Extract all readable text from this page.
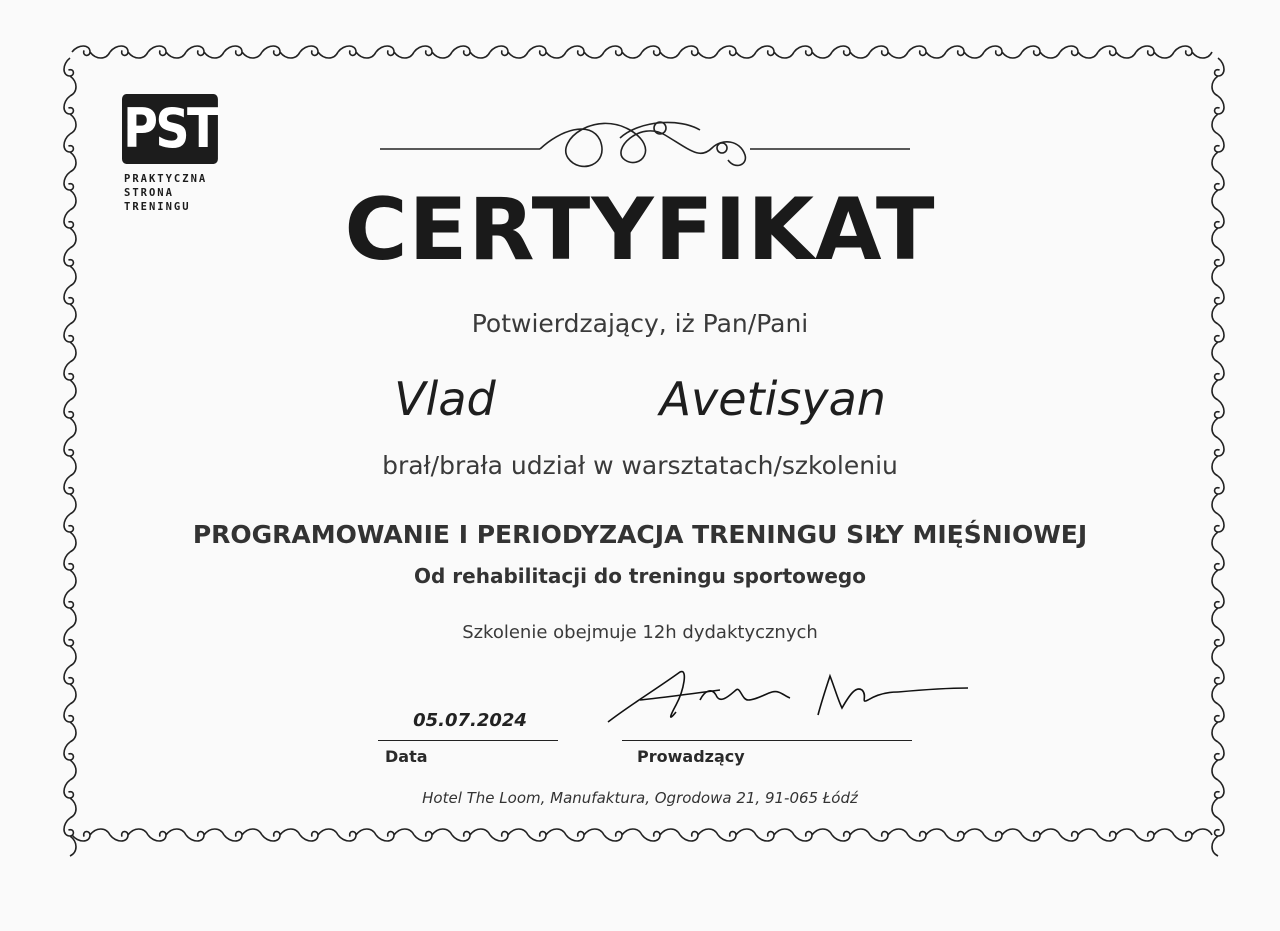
PST
PRAKTYCZNA
STRONA
TRENINGU	CERTYFIKAT
Potwierdzający, iż Pan/Pani
Vlad   Avetisyan
brał/brała udział w warsztatach/szkoleniu
PROGRAMOWANIE I PERIODYZACJA TRENINGU SIŁY MIĘŚNIOWEJ
Od rehabilitacji do treningu sportowego
Szkolenie obejmuje 12h dydaktycznych
05.07.2024
Data	Prowadzący
Hotel The Loom, Manufaktura, Ogrodowa 21, 91-065 Łódź
